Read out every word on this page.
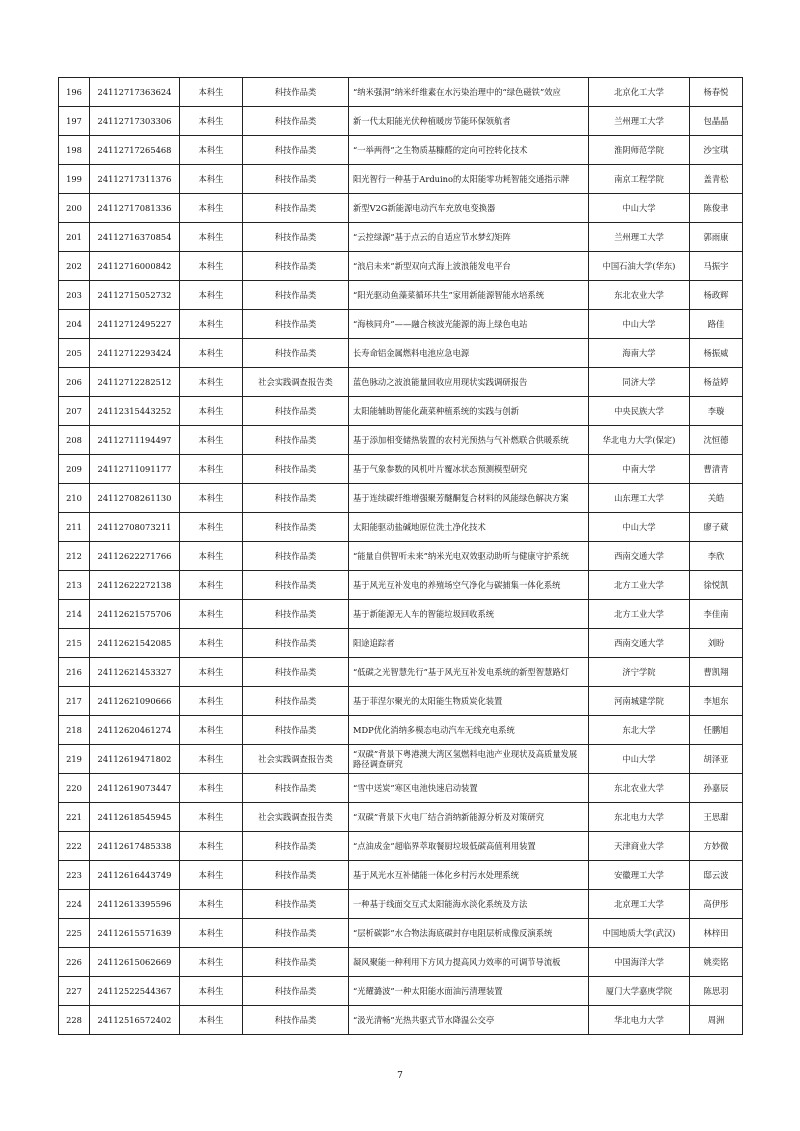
196	24112717363624	本科生	科技作品类	“纳米强洞”纳米纤维素在水污染治理中的“绿色磁铁”效应	北京化工大学	杨春悦
197	24112717303306	本科生	科技作品类	新一代太阳能光伏种植暖房节能环保领航者	兰州理工大学	包晶晶
198	24112717265468	本科生	科技作品类	“一举两得”之生物质基糠醛的定向可控转化技术	淮阴师范学院	沙宝琪
199	24112717311376	本科生	科技作品类	阳光智行一种基于Arduino的太阳能零功耗智能交通指示牌	南京工程学院	盖青松
200	24112717081336	本科生	科技作品类	新型V2G新能源电动汽车充放电变换器	中山大学	陈俊聿
201	24112716370854	本科生	科技作品类	“云控绿源”基于点云的自适应节水梦幻矩阵	兰州理工大学	郭雨康
202	24112716000842	本科生	科技作品类	“浪启未来”新型双向式海上波浪能发电平台	中国石油大学(华东)	马振宇
203	24112715052732	本科生	科技作品类	“阳光驱动鱼藻菜循环共生”家用新能源智能水培系统	东北农业大学	杨政辉
204	24112712495227	本科生	科技作品类	“海核同舟”——融合核波光能源的海上绿色电站	中山大学	路佳
205	24112712293424	本科生	科技作品类	长寿命铝金属燃料电池应急电源	海南大学	杨振威
206	24112712282512	本科生	社会实践调查报告类	蓝色脉动之波浪能量回收应用现状实践调研报告	同济大学	杨益婷
207	24112315443252	本科生	科技作品类	太阳能辅助智能化蔬菜种植系统的实践与创新	中央民族大学	李璇
208	24112711194497	本科生	科技作品类	基于添加相变储热装置的农村光预热与气补燃联合供暖系统	华北电力大学(保定)	沈恒德
209	24112711091177	本科生	科技作品类	基于气象参数的风机叶片覆冰状态预测模型研究	中南大学	曹清青
210	24112708261130	本科生	科技作品类	基于连续碳纤维增强聚芳醚酮复合材料的风能绿色解决方案	山东理工大学	关皓
211	24112708073211	本科生	科技作品类	太阳能驱动盐碱地原位洗土净化技术	中山大学	廖子葳
212	24112622271766	本科生	科技作品类	“能量自供智听未来”纳米光电双效驱动助听与健康守护系统	西南交通大学	李欣
213	24112622272138	本科生	科技作品类	基于风光互补发电的养殖场空气净化与碳捕集一体化系统	北方工业大学	徐悦凯
214	24112621575706	本科生	科技作品类	基于新能源无人车的智能垃圾回收系统	北方工业大学	李佳南
215	24112621542085	本科生	科技作品类	阳途追踪者	西南交通大学	刘盼
216	24112621453327	本科生	科技作品类	“低碳之光智慧先行”基于风光互补发电系统的新型智慧路灯	济宁学院	曹凯翔
217	24112621090666	本科生	科技作品类	基于菲涅尔聚光的太阳能生物质炭化装置	河南城建学院	李旭东
218	24112620461274	本科生	科技作品类	MDP优化消纳多模态电动汽车无线充电系统	东北大学	任鹏旭
219	24112619471802	本科生	社会实践调查报告类	“双碳”背景下粤港澳大湾区氢燃料电池产业现状及高质量发展路径调查研究	中山大学	胡泽亚
220	24112619073447	本科生	科技作品类	“雪中送炭”寒区电池快速启动装置	东北农业大学	孙嘉辰
221	24112618545945	本科生	社会实践调查报告类	“双碳”背景下火电厂结合消纳新能源分析及对策研究	东北电力大学	王思甜
222	24112617485338	本科生	科技作品类	“点油成金”超临界萃取餐厨垃圾低碳高值利用装置	天津商业大学	方妙微
223	24112616443749	本科生	科技作品类	基于风光水互补储能一体化乡村污水处理系统	安徽理工大学	邸云波
224	24112613395596	本科生	科技作品类	一种基于线面交互式太阳能海水淡化系统及方法	北京理工大学	高伊彤
225	24112615571639	本科生	科技作品类	“层析碳影”水合物法海底碳封存电阻层析成像反演系统	中国地质大学(武汉)	林梓田
226	24112615062669	本科生	科技作品类	凝风聚能一种利用下方风力提高风力效率的可调节导流板	中国海洋大学	姚奕铭
227	24112522544367	本科生	科技作品类	“光耀潞波”一种太阳能水面油污清理装置	厦门大学嘉庚学院	陈思羽
228	24112516572402	本科生	科技作品类	“汲光清畅”光热共驱式节水降温公交亭	华北电力大学	周洲
7
